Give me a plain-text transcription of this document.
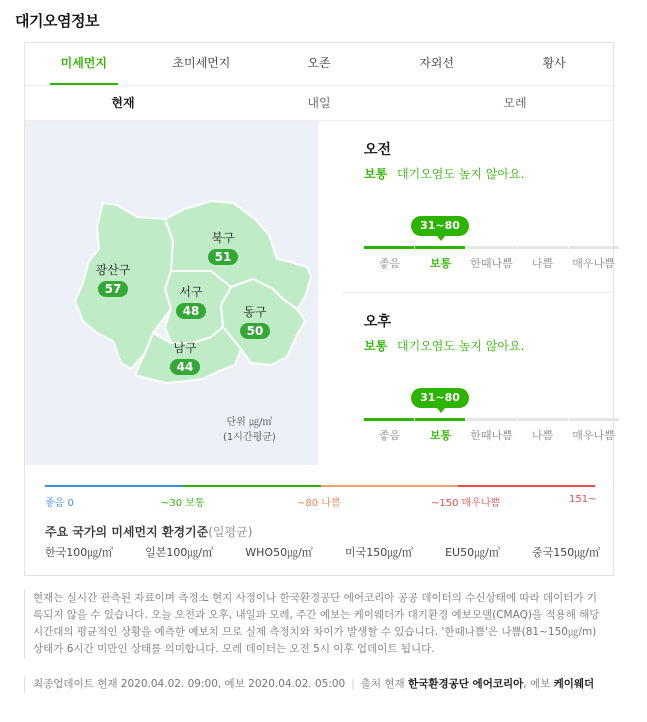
대기오염정보
미세먼지	초미세먼지	오존	자외선	황사
현재	내일	모레
북구
51
광산구
57	서구
48	동구
50
남구
44
단위 ㎍/㎥
(1시간평균)
오전
보통 대기오염도 높지 않아요.
31~80
좋음	보통	한때나쁨	나쁨	매우나쁨
오후
보통 대기오염도 높지 않아요.
31~80
좋음	보통	한때나쁨	나쁨	매우나쁨
좋음 0	~30 보통	~80 나쁨	~150 매우나쁨	151~
주요 국가의 미세먼지 환경기준(일평균)
한국100㎍/㎥	일본100㎍/㎥	WHO50㎍/㎥	미국150㎍/㎥	EU50㎍/㎥	중국150㎍/㎥
현재는 실시간 관측된 자료이며 측정소 현지 사정이나 한국환경공단 에어코리아 공공 데이터의 수신상태에 따라 데이터가 기록되지 않을 수 있습니다. 오늘 오전과 오후, 내일과 모레, 주간 예보는 케이웨더가 대기환경 예보모델(CMAQ)을 적용해 해당 시간대의 평균적인 상황을 예측한 예보치 므로 실제 측정치와 차이가 발생할 수 있습니다. '한때나쁨'은 나쁨(81~150㎍/m)상태가 6시간 미만인 상태를 의미합니다. 모레 데이터는 오전 5시 이후 업데이트 됩니다.
최종업데이트 현재 2020.04.02. 09:00, 예보 2020.04.02. 05:00 | 출처 현재 한국환경공단 에어코리아, 예보 케이웨더
